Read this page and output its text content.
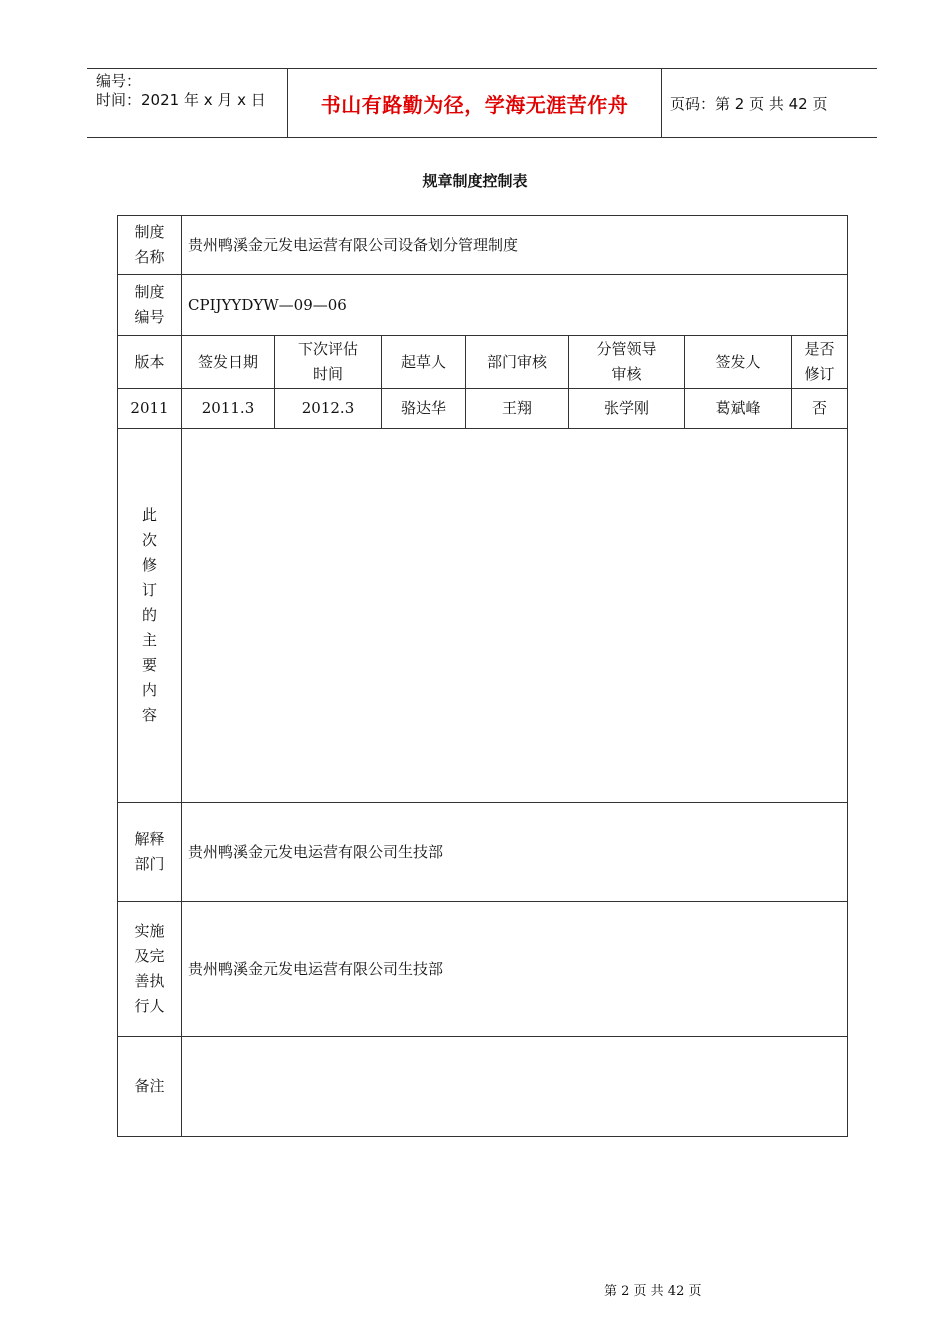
编号：
时间：2021 年 x 月 x 日	书山有路勤为径，学海无涯苦作舟	页码：第 2 页 共 42 页
规章制度控制表
制度名称	贵州鸭溪金元发电运营有限公司设备划分管理制度						
制度编号	CPIJYYDYW—09—06						
版本	签发日期	下次评估时间	起草人	部门审核	分管领导审核	签发人	是否修订
2011	2011.3	2012.3	骆达华	王翔	张学刚	葛斌峰	否
此次修订的主要内容							
解释部门	贵州鸭溪金元发电运营有限公司生技部						
实施及完善执行人	贵州鸭溪金元发电运营有限公司生技部						
备注							
第 2 页 共 42 页
